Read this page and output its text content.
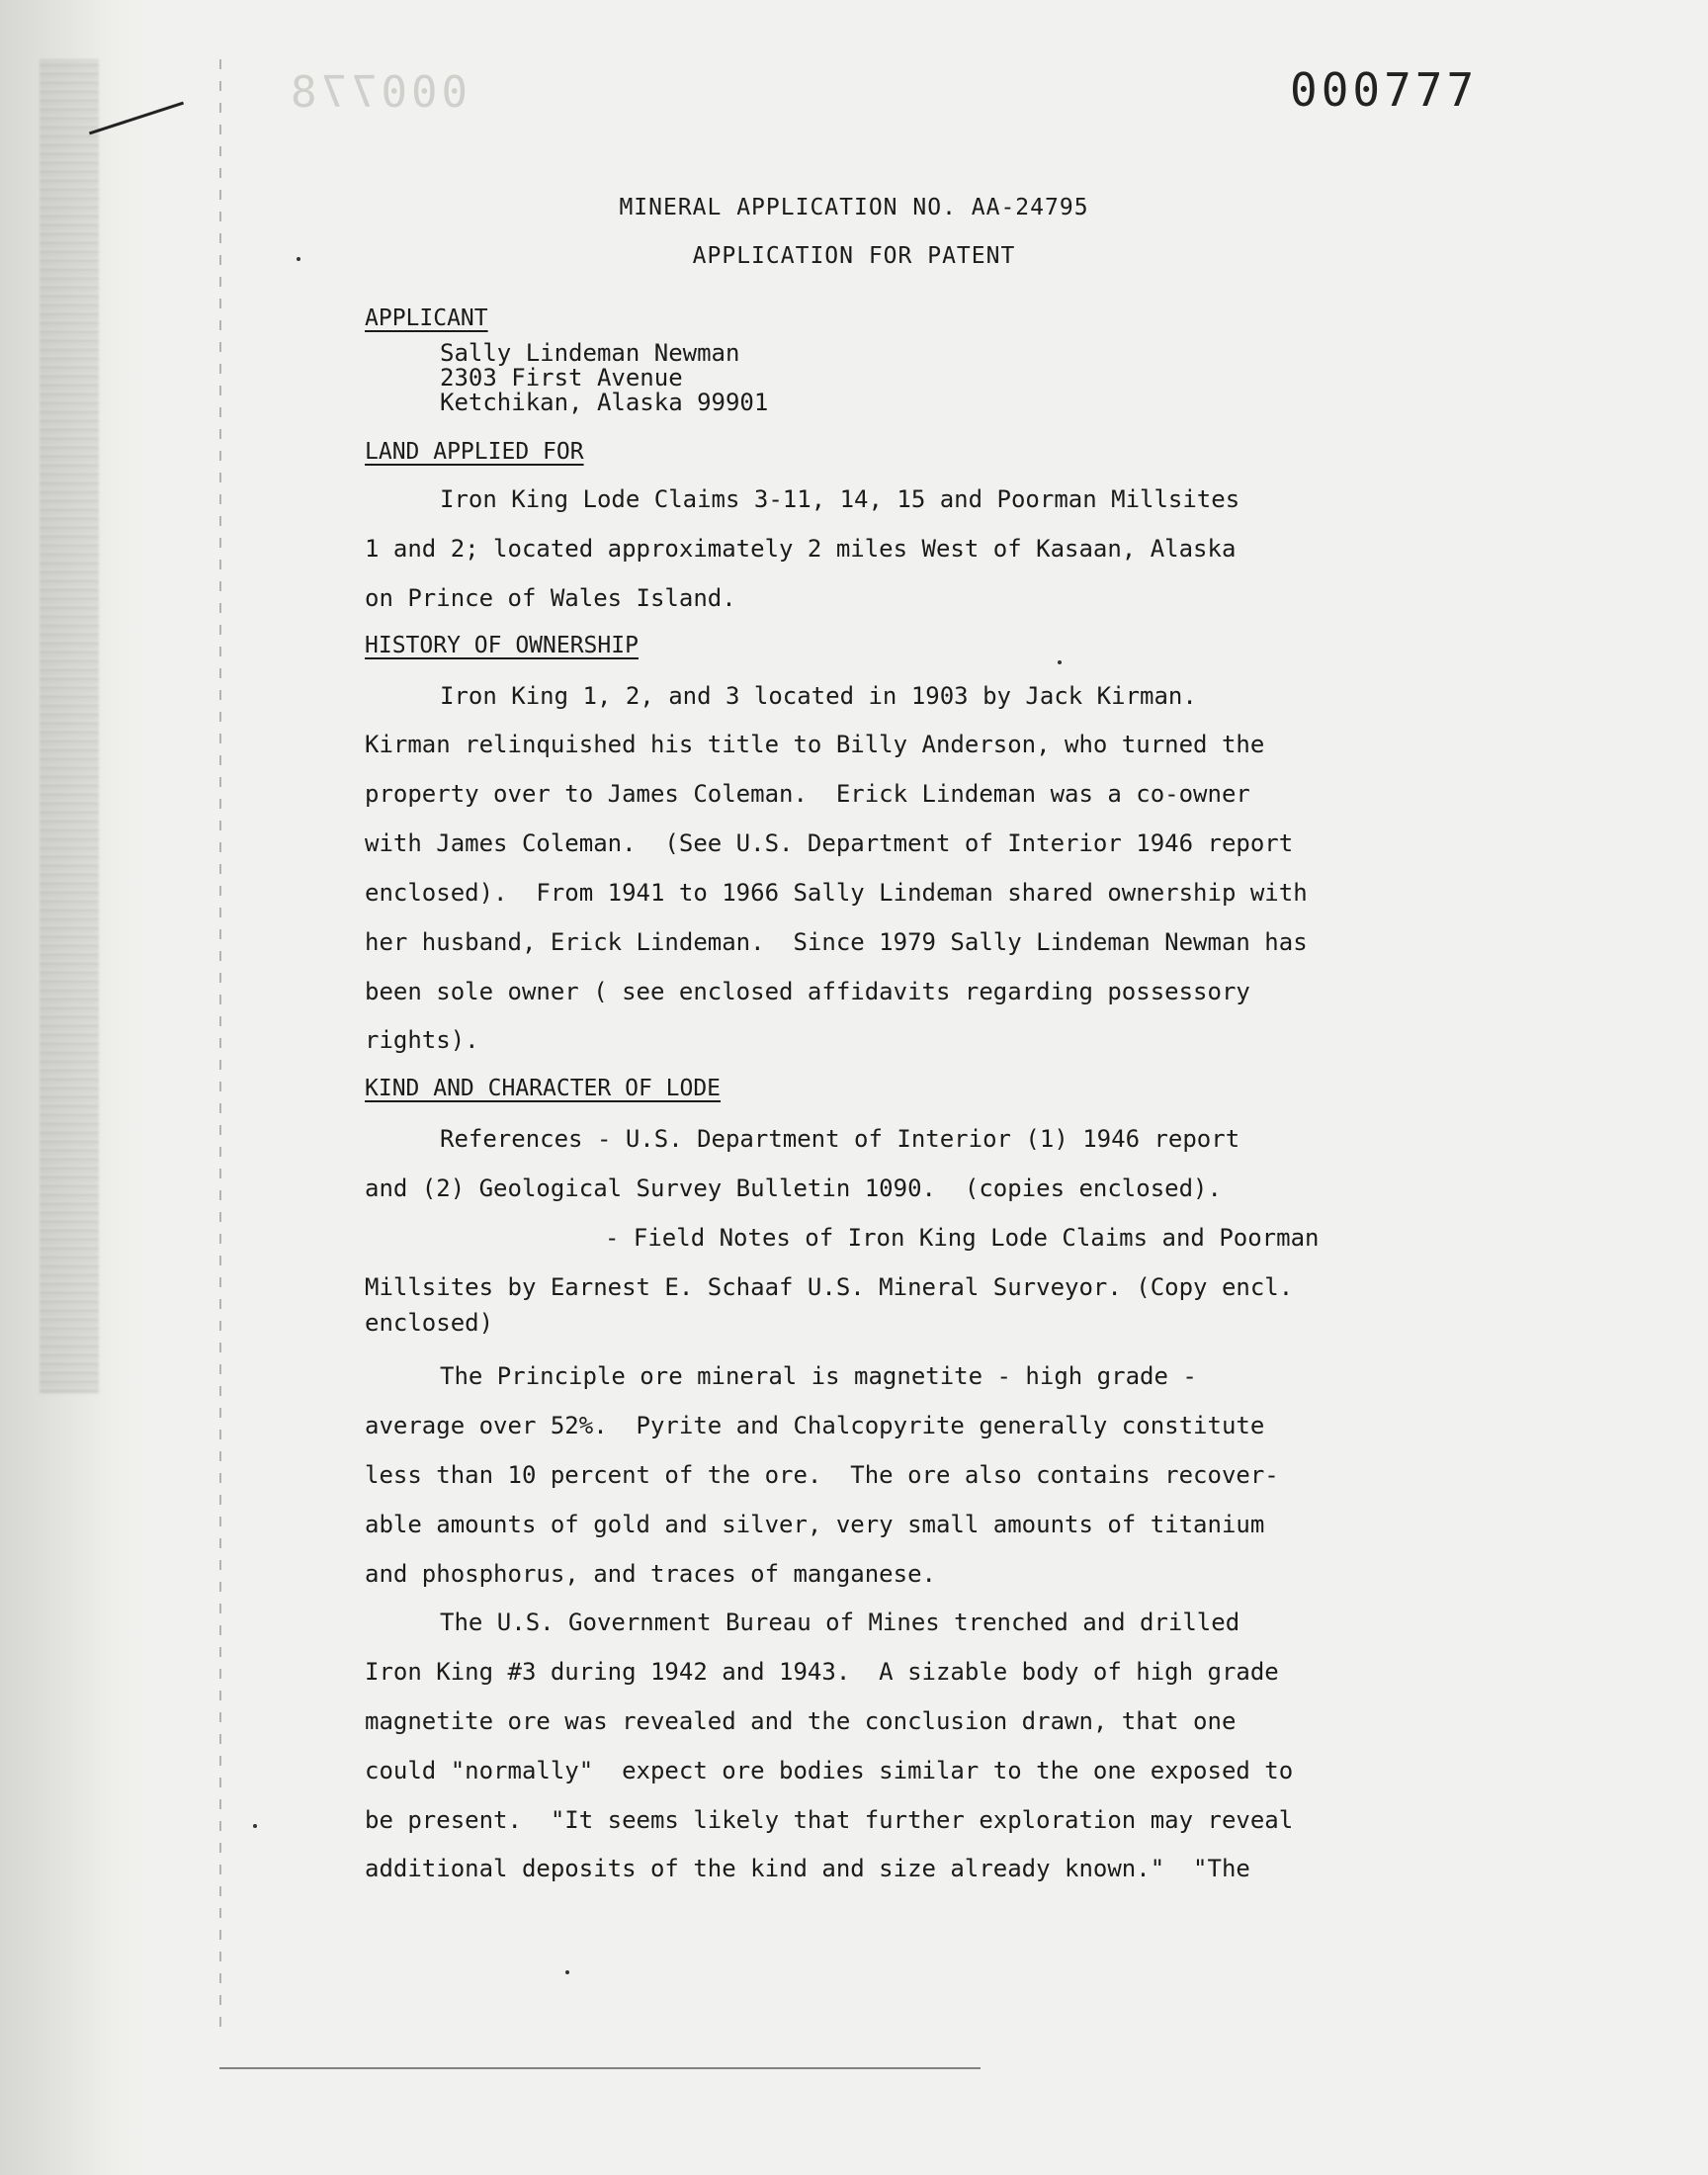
000778	000777
MINERAL APPLICATION NO. AA-24795
APPLICATION FOR PATENT
APPLICANT
Sally Lindeman Newman
2303 First Avenue
Ketchikan, Alaska 99901
LAND APPLIED FOR
Iron King Lode Claims 3-11, 14, 15 and Poorman Millsites
1 and 2; located approximately 2 miles West of Kasaan, Alaska
on Prince of Wales Island.
HISTORY OF OWNERSHIP
Iron King 1, 2, and 3 located in 1903 by Jack Kirman.
Kirman relinquished his title to Billy Anderson, who turned the
property over to James Coleman.  Erick Lindeman was a co-owner
with James Coleman.  (See U.S. Department of Interior 1946 report
enclosed).  From 1941 to 1966 Sally Lindeman shared ownership with
her husband, Erick Lindeman.  Since 1979 Sally Lindeman Newman has
been sole owner ( see enclosed affidavits regarding possessory
rights).
KIND AND CHARACTER OF LODE
References - U.S. Department of Interior (1) 1946 report
and (2) Geological Survey Bulletin 1090.  (copies enclosed).
- Field Notes of Iron King Lode Claims and Poorman
Millsites by Earnest E. Schaaf U.S. Mineral Surveyor. (Copy encl.
enclosed)
The Principle ore mineral is magnetite - high grade -
average over 52%.  Pyrite and Chalcopyrite generally constitute
less than 10 percent of the ore.  The ore also contains recover-
able amounts of gold and silver, very small amounts of titanium
and phosphorus, and traces of manganese.
The U.S. Government Bureau of Mines trenched and drilled
Iron King #3 during 1942 and 1943.  A sizable body of high grade
magnetite ore was revealed and the conclusion drawn, that one
could "normally"  expect ore bodies similar to the one exposed to
be present.  "It seems likely that further exploration may reveal
additional deposits of the kind and size already known."  "The
